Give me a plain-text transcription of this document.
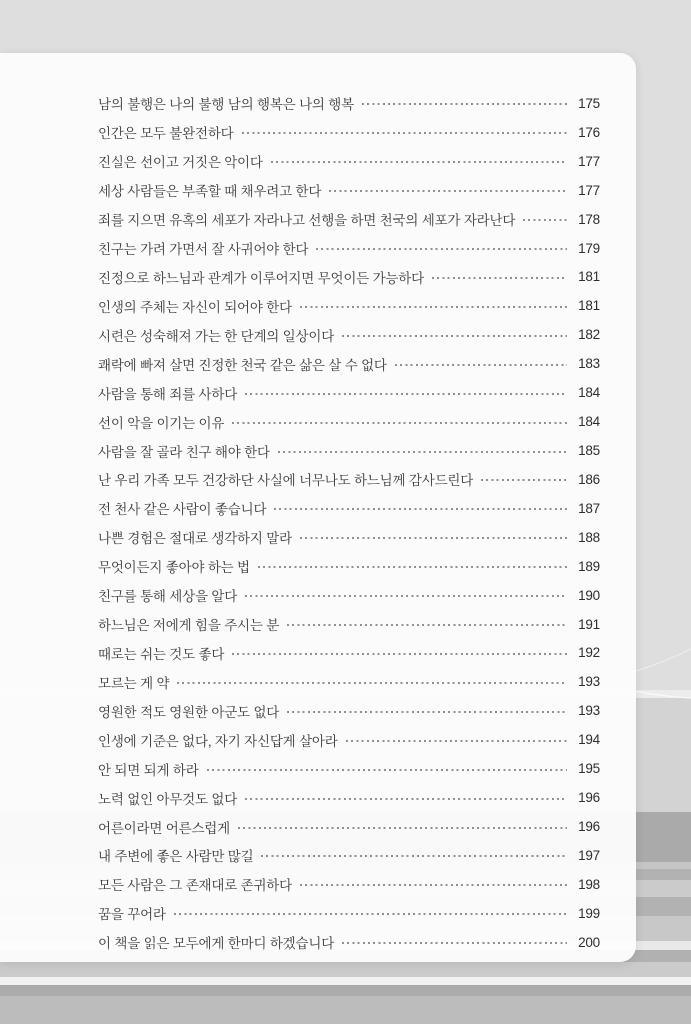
남의 불행은 나의 불행 남의 행복은 나의 행복	175
인간은 모두 불완전하다	176
진실은 선이고 거짓은 악이다	177
세상 사람들은 부족할 때 채우려고 한다	177
죄를 지으면 유혹의 세포가 자라나고 선행을 하면 천국의 세포가 자라난다	178
친구는 가려 가면서 잘 사귀어야 한다	179
진정으로 하느님과 관계가 이루어지면 무엇이든 가능하다	181
인생의 주체는 자신이 되어야 한다	181
시련은 성숙해져 가는 한 단계의 일상이다	182
쾌락에 빠져 살면 진정한 천국 같은 삶은 살 수 없다	183
사람을 통해 죄를 사하다	184
선이 악을 이기는 이유	184
사람을 잘 골라 친구 해야 한다	185
난 우리 가족 모두 건강하단 사실에 너무나도 하느님께 감사드린다	186
전 천사 같은 사람이 좋습니다	187
나쁜 경험은 절대로 생각하지 말라	188
무엇이든지 좋아야 하는 법	189
친구를 통해 세상을 알다	190
하느님은 저에게 힘을 주시는 분	191
때로는 쉬는 것도 좋다	192
모르는 게 약	193
영원한 적도 영원한 아군도 없다	193
인생에 기준은 없다, 자기 자신답게 살아라	194
안 되면 되게 하라	195
노력 없인 아무것도 없다	196
어른이라면 어른스럽게	196
내 주변에 좋은 사람만 많길	197
모든 사람은 그 존재대로 존귀하다	198
꿈을 꾸어라	199
이 책을 읽은 모두에게 한마디 하겠습니다	200
